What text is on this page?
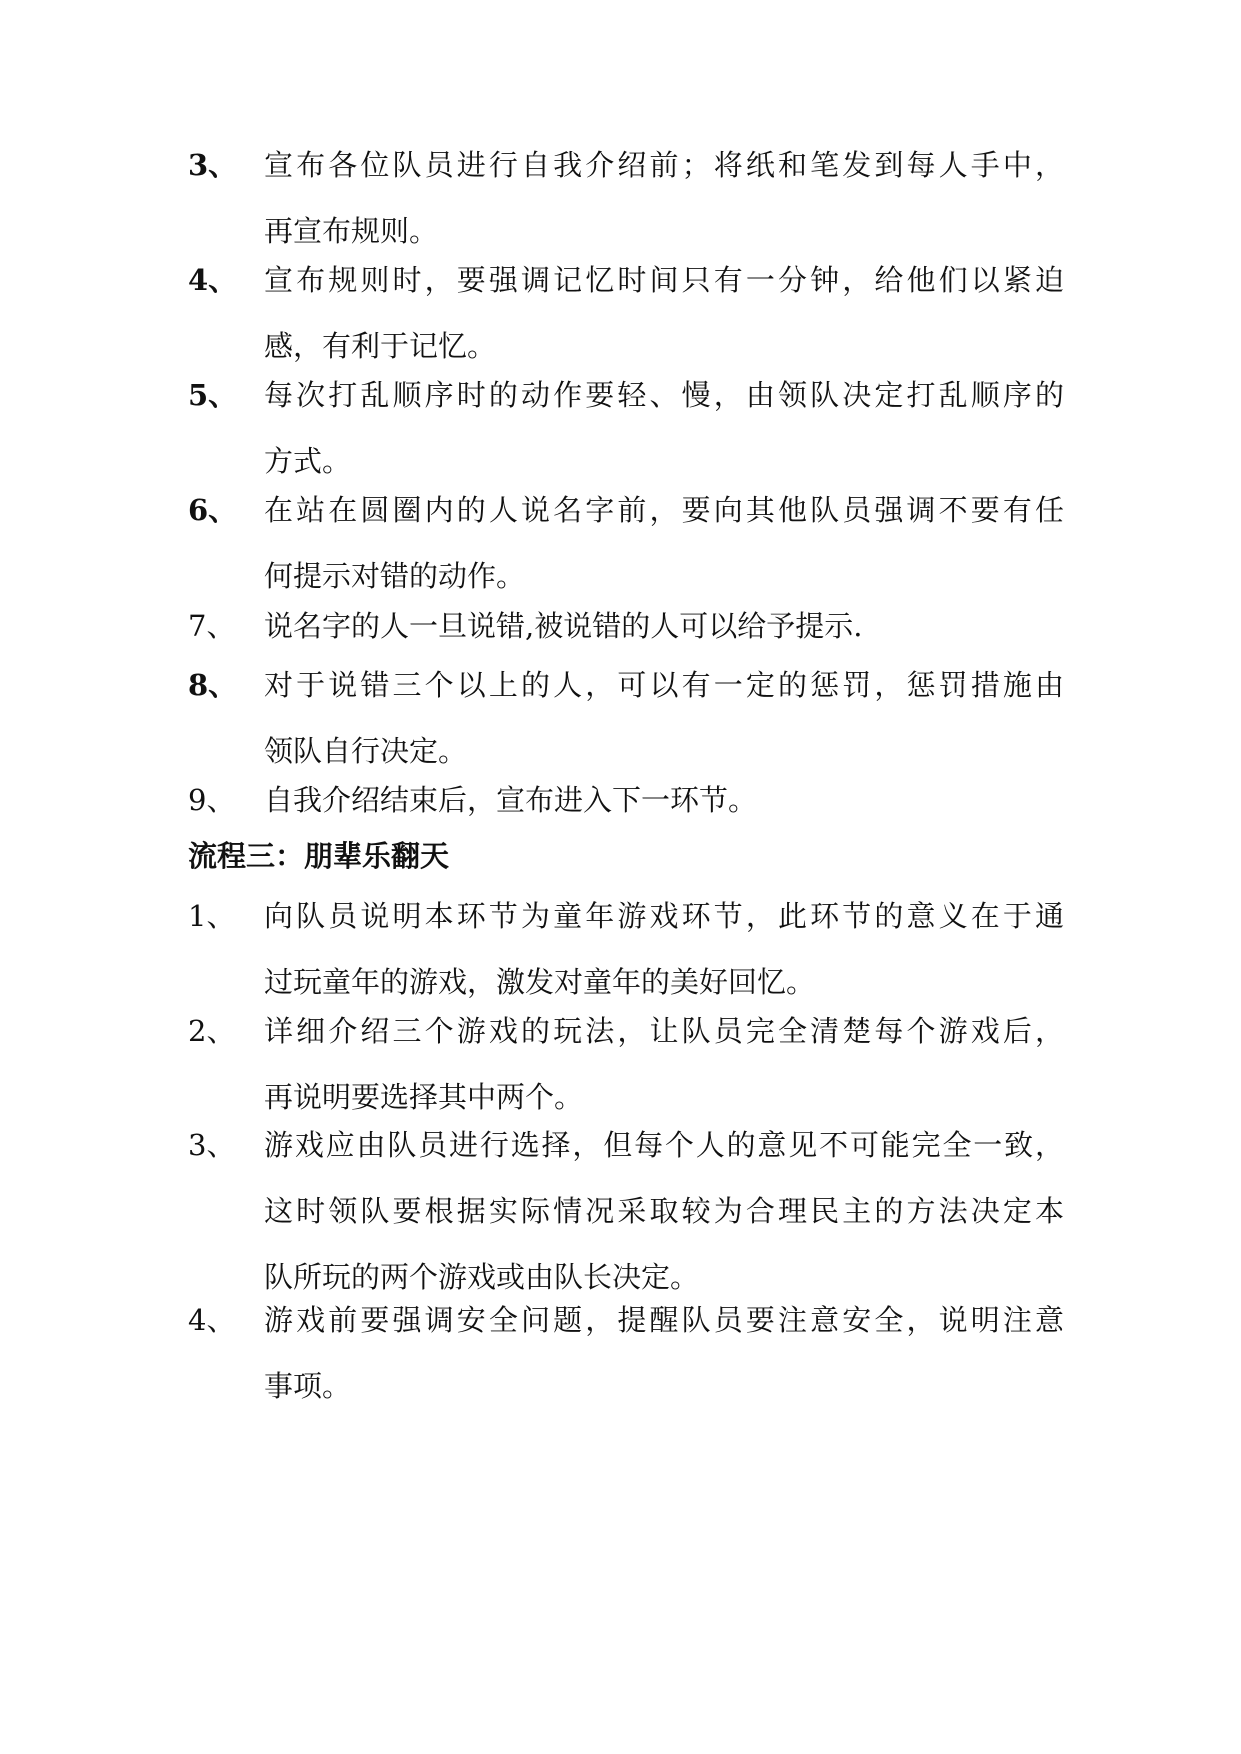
3、 宣布各位队员进行自我介绍前；将纸和笔发到每人手中，
再宣布规则。
4、 宣布规则时，要强调记忆时间只有一分钟，给他们以紧迫
感，有利于记忆。
5、 每次打乱顺序时的动作要轻、慢，由领队决定打乱顺序的
方式。
6、 在站在圆圈内的人说名字前，要向其他队员强调不要有任
何提示对错的动作。
7、 说名字的人一旦说错,被说错的人可以给予提示.
8、 对于说错三个以上的人，可以有一定的惩罚，惩罚措施由
领队自行决定。
9、 自我介绍结束后，宣布进入下一环节。
流程三：朋辈乐翻天
1、 向队员说明本环节为童年游戏环节，此环节的意义在于通
过玩童年的游戏，激发对童年的美好回忆。
2、 详细介绍三个游戏的玩法，让队员完全清楚每个游戏后，
再说明要选择其中两个。
3、 游戏应由队员进行选择，但每个人的意见不可能完全一致，
这时领队要根据实际情况采取较为合理民主的方法决定本
队所玩的两个游戏或由队长决定。
4、 游戏前要强调安全问题，提醒队员要注意安全，说明注意
事项。
